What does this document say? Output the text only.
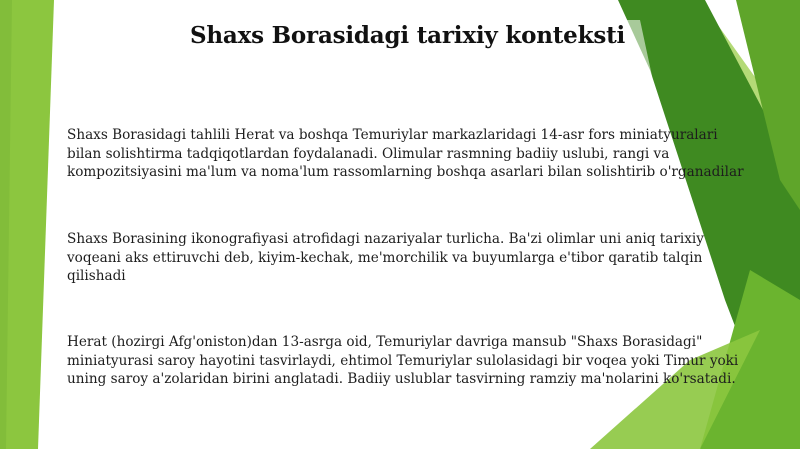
Shaxs Borasidagi tarixiy konteksti

Shaxs Borasidagi tahlili Herat va boshqa Temuriylar markazlaridagi 14-asr fors miniatyuralari bilan solishtirma tadqiqotlardan foydalanadi. Olimular rasmning badiiy uslubi, rangi va kompozitsiyasini ma'lum va noma'lum rassomlarning boshqa asarlari bilan solishtirib o'rganadilar

Shaxs Borasining ikonografiyasi atrofidagi nazariyalar turlicha. Ba'zi olimlar uni aniq tarixiy voqeani aks ettiruvchi deb, kiyim-kechak, me'morchilik va buyumlarga e'tibor qaratib talqin qilishadi

Herat (hozirgi Afg'oniston)dan 13-asrga oid, Temuriylar davriga mansub "Shaxs Borasidagi" miniatyurasi saroy hayotini tasvirlaydi, ehtimol Temuriylar sulolasidagi bir voqea yoki Timur yoki uning saroy a'zolaridan birini anglatadi. Badiiy uslublar tasvirning ramziy ma'nolarini ko'rsatadi.
